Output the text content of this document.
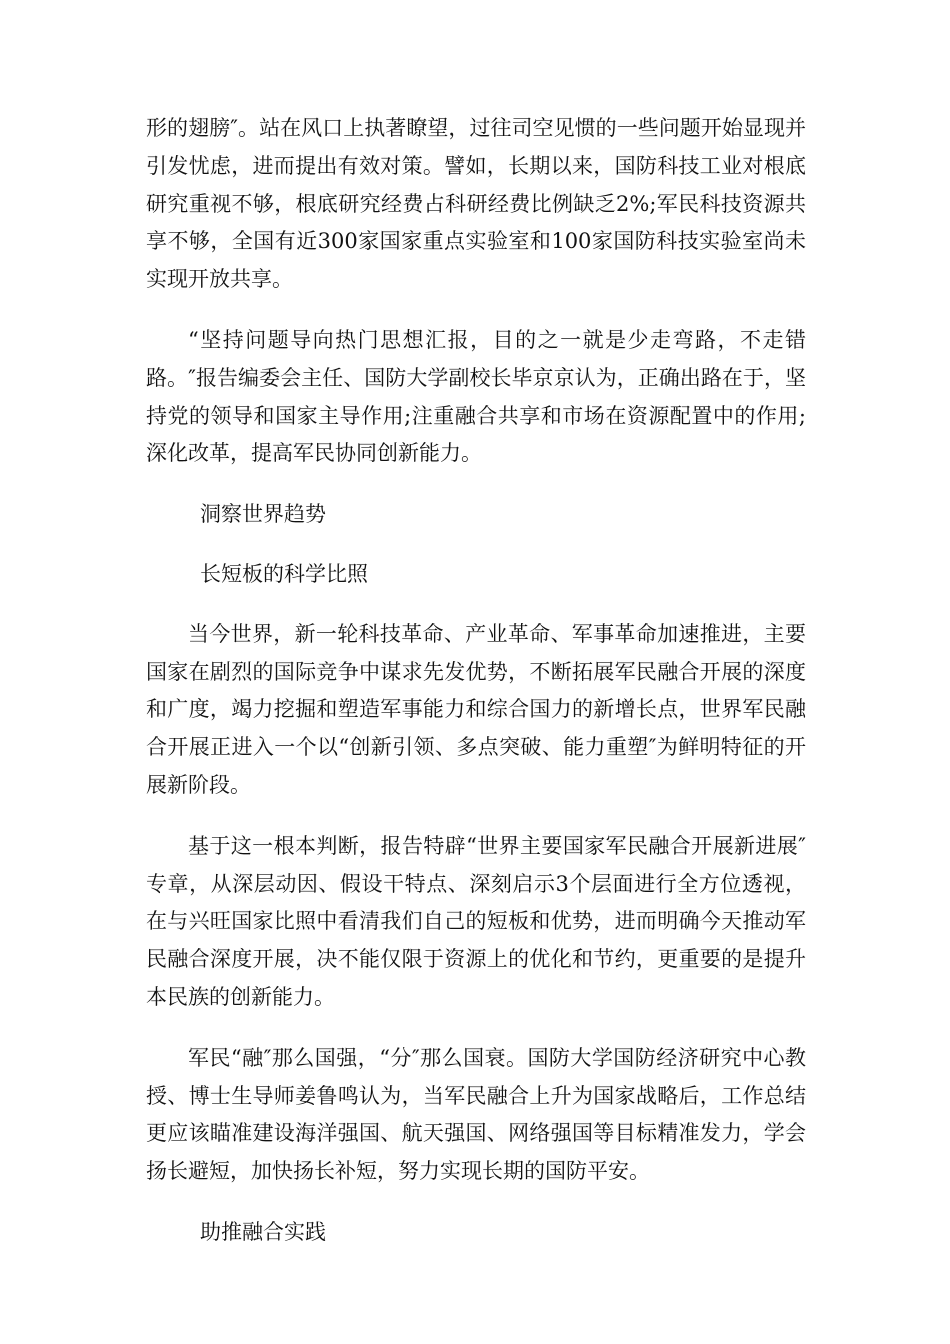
形的翅膀″。站在风口上执著瞭望，过往司空见惯的一些问题开始显现并引发忧虑，进而提出有效对策。譬如，长期以来，国防科技工业对根底研究重视不够，根底研究经费占科研经费比例缺乏2%;军民科技资源共享不够，全国有近300家国家重点实验室和100家国防科技实验室尚未实现开放共享。

“坚持问题导向热门思想汇报，目的之一就是少走弯路，不走错路。″报告编委会主任、国防大学副校长毕京京认为，正确出路在于，坚持党的领导和国家主导作用;注重融合共享和市场在资源配置中的作用;深化改革，提高军民协同创新能力。

洞察世界趋势

长短板的科学比照

当今世界，新一轮科技革命、产业革命、军事革命加速推进，主要国家在剧烈的国际竞争中谋求先发优势，不断拓展军民融合开展的深度和广度，竭力挖掘和塑造军事能力和综合国力的新增长点，世界军民融合开展正进入一个以“创新引领、多点突破、能力重塑″为鲜明特征的开展新阶段。

基于这一根本判断，报告特辟“世界主要国家军民融合开展新进展″专章，从深层动因、假设干特点、深刻启示3个层面进行全方位透视，在与兴旺国家比照中看清我们自己的短板和优势，进而明确今天推动军民融合深度开展，决不能仅限于资源上的优化和节约，更重要的是提升本民族的创新能力。

军民“融″那么国强，“分″那么国衰。国防大学国防经济研究中心教授、博士生导师姜鲁鸣认为，当军民融合上升为国家战略后，工作总结更应该瞄准建设海洋强国、航天强国、网络强国等目标精准发力，学会扬长避短，加快扬长补短，努力实现长期的国防平安。

助推融合实践
